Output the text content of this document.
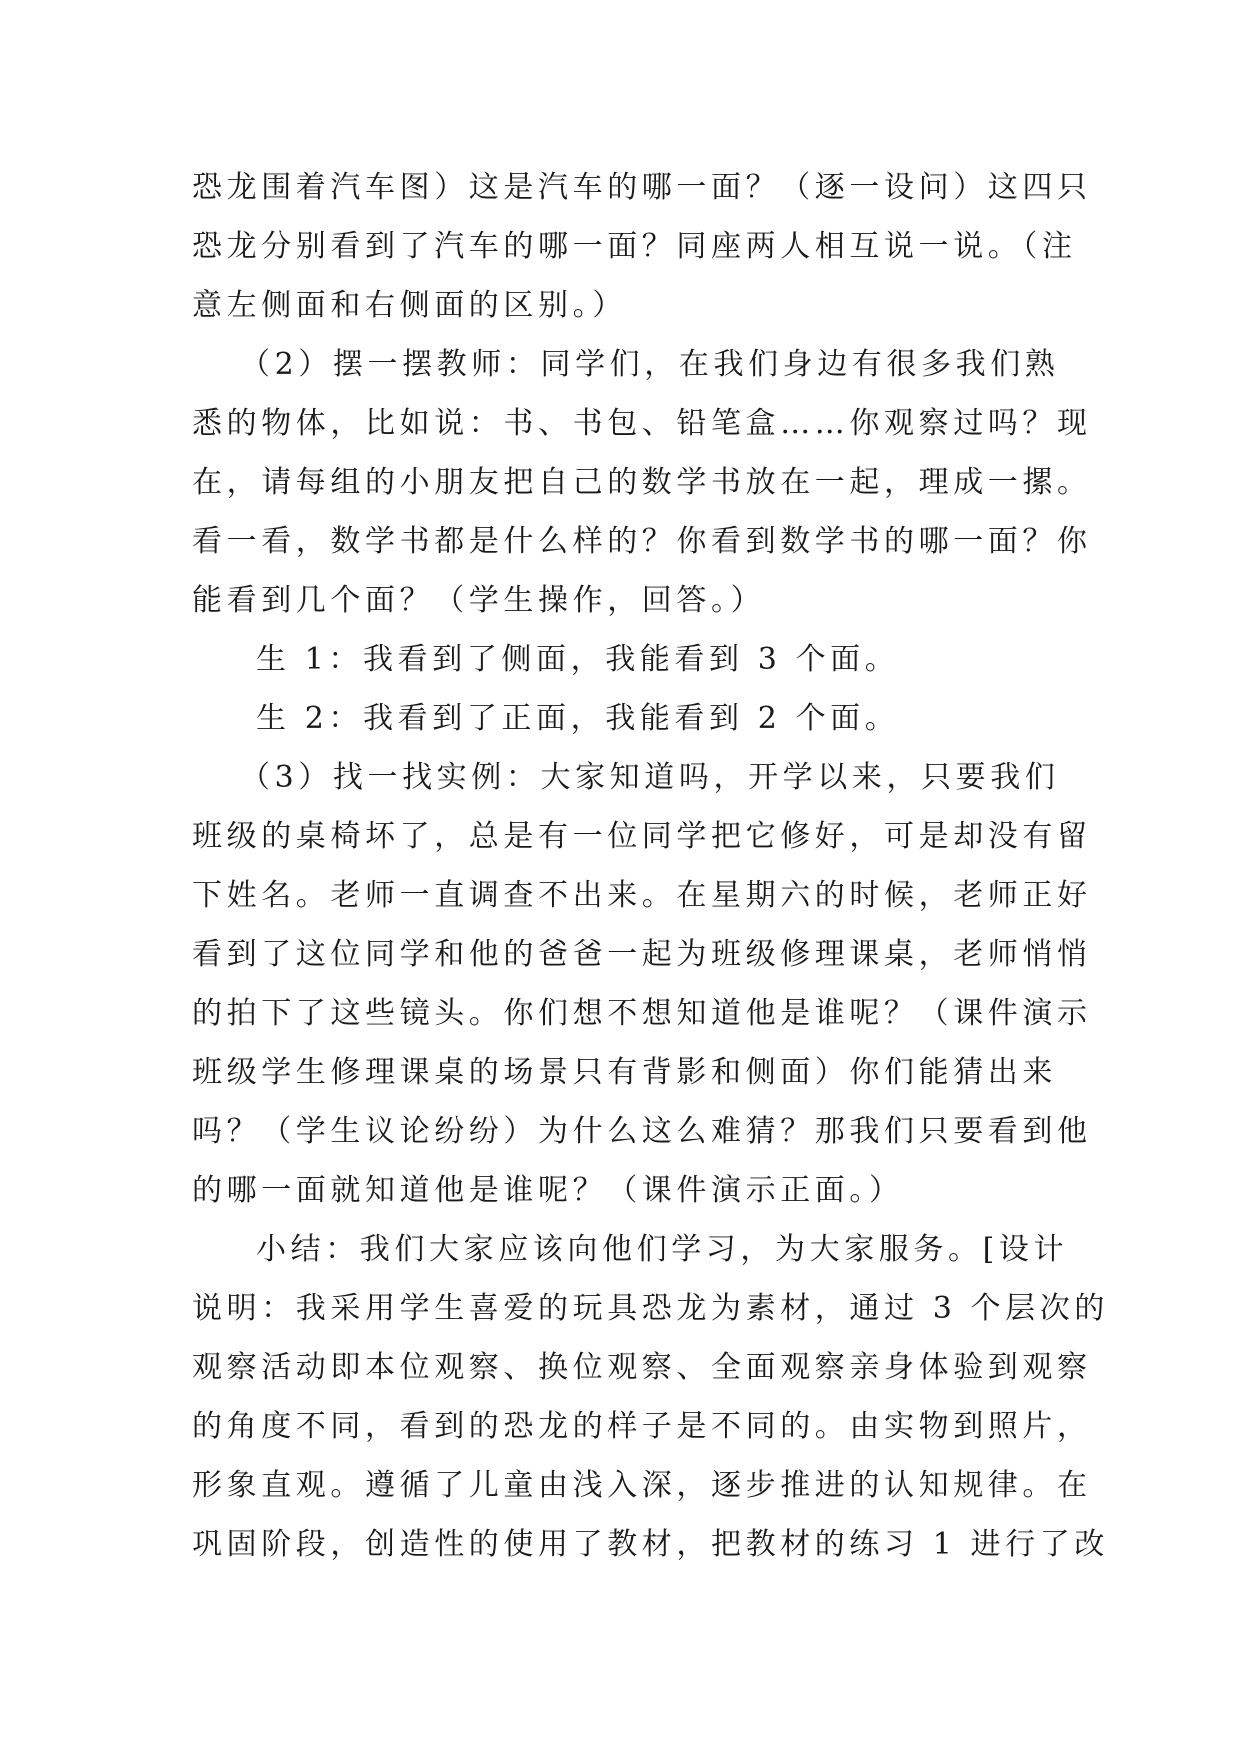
恐龙围着汽车图）这是汽车的哪一面？（逐一设问）这四只
恐龙分别看到了汽车的哪一面？同座两人相互说一说。（注
意左侧面和右侧面的区别。）
（2）摆一摆教师：同学们，在我们身边有很多我们熟
悉的物体，比如说：书、书包、铅笔盒……你观察过吗？现
在，请每组的小朋友把自己的数学书放在一起，理成一摞。
看一看，数学书都是什么样的？你看到数学书的哪一面？你
能看到几个面？（学生操作，回答。）
生 1：我看到了侧面，我能看到 3 个面。
生 2：我看到了正面，我能看到 2 个面。
（3）找一找实例：大家知道吗，开学以来，只要我们
班级的桌椅坏了，总是有一位同学把它修好，可是却没有留
下姓名。老师一直调查不出来。在星期六的时候，老师正好
看到了这位同学和他的爸爸一起为班级修理课桌，老师悄悄
的拍下了这些镜头。你们想不想知道他是谁呢？（课件演示
班级学生修理课桌的场景只有背影和侧面）你们能猜出来
吗？（学生议论纷纷）为什么这么难猜？那我们只要看到他
的哪一面就知道他是谁呢？（课件演示正面。）
小结：我们大家应该向他们学习，为大家服务。[设计
说明：我采用学生喜爱的玩具恐龙为素材，通过 3 个层次的
观察活动即本位观察、换位观察、全面观察亲身体验到观察
的角度不同，看到的恐龙的样子是不同的。由实物到照片，
形象直观。遵循了儿童由浅入深，逐步推进的认知规律。在
巩固阶段，创造性的使用了教材，把教材的练习 1 进行了改
